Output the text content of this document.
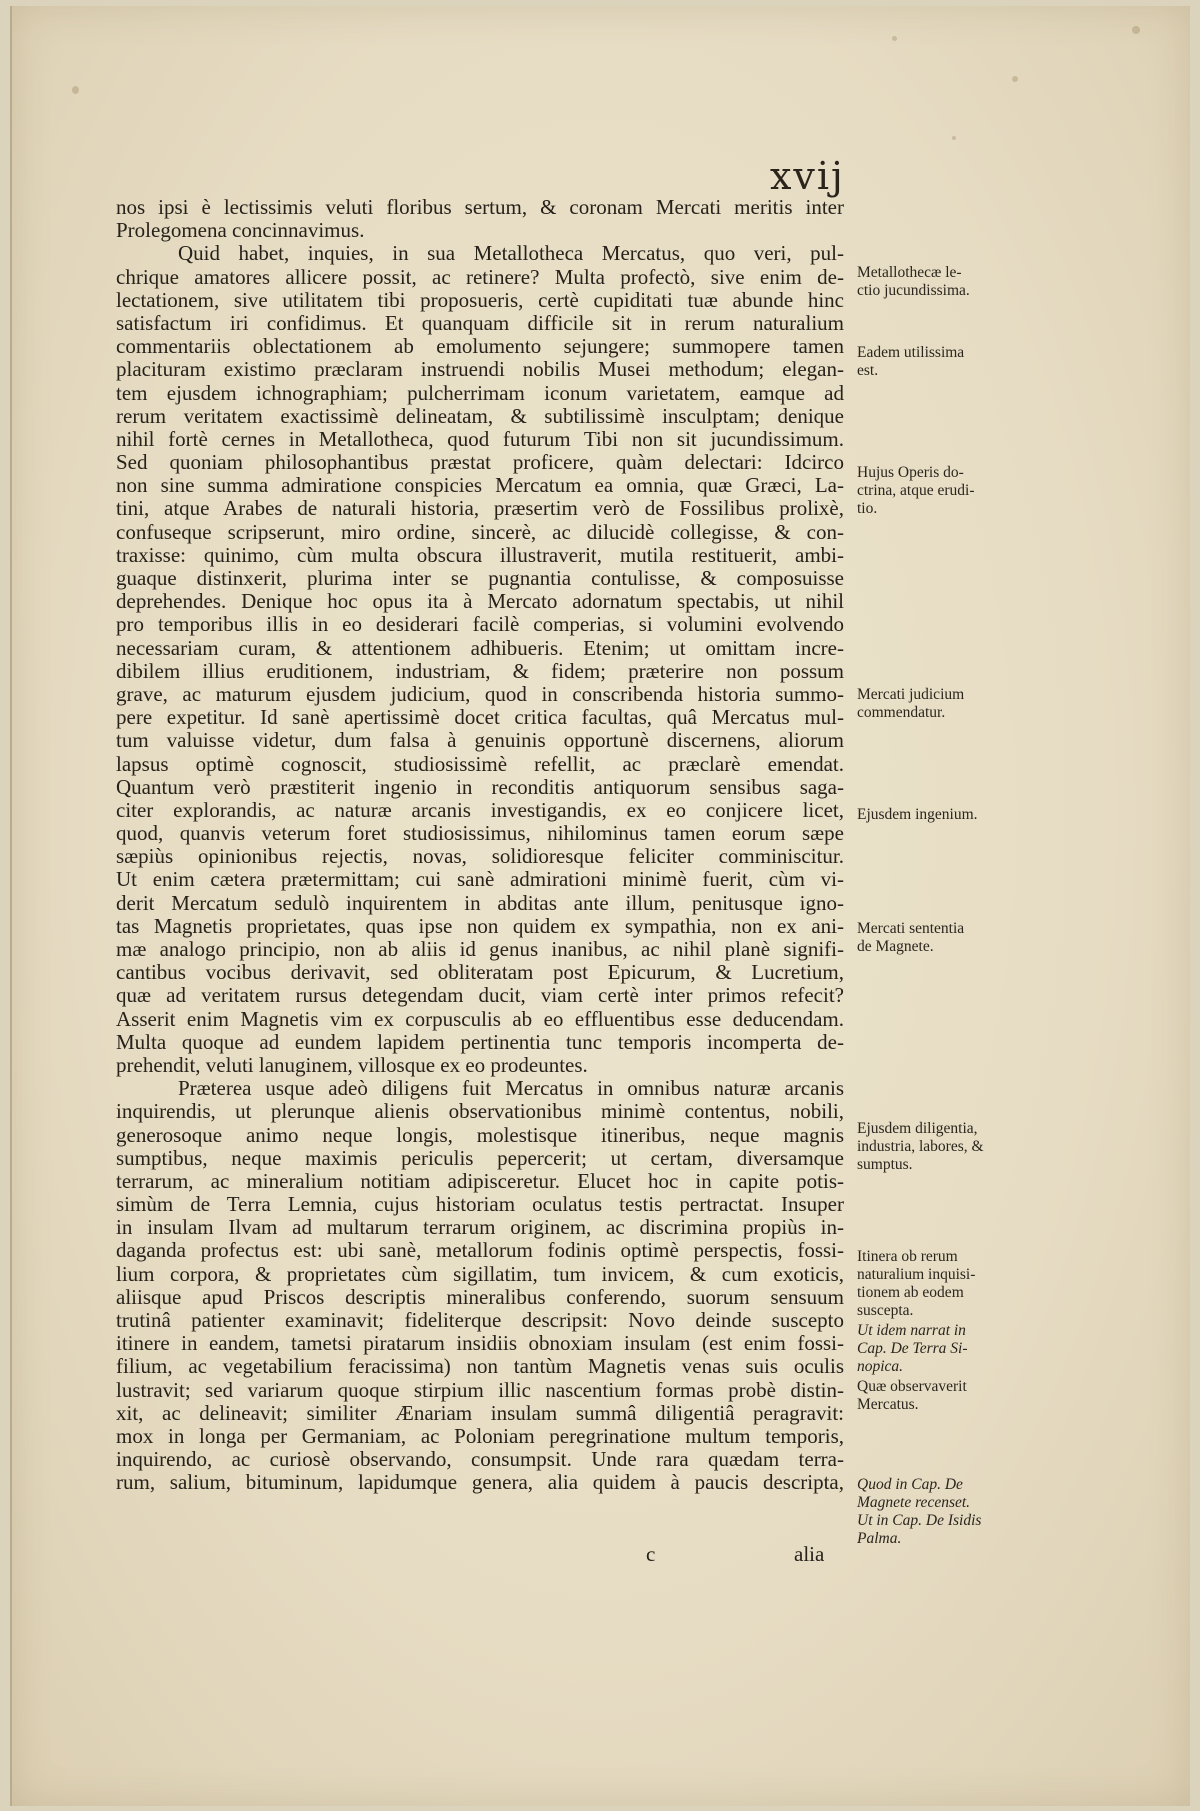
xvij
nos ipsi è lectissimis veluti floribus sertum, & coronam Mercati meritis inter
Prolegomena concinnavimus.
Quid habet, inquies, in sua Metallotheca Mercatus, quo veri, pul-
chrique amatores allicere possit, ac retinere? Multa profectò, sive enim de-
lectationem, sive utilitatem tibi proposueris, certè cupiditati tuæ abunde hinc
satisfactum iri confidimus. Et quanquam difficile sit in rerum naturalium
commentariis oblectationem ab emolumento sejungere; summopere tamen
placituram existimo præclaram instruendi nobilis Musei methodum; elegan-
tem ejusdem ichnographiam; pulcherrimam iconum varietatem, eamque ad
rerum veritatem exactissimè delineatam, & subtilissimè insculptam; denique
nihil fortè cernes in Metallotheca, quod futurum Tibi non sit jucundissimum.
Sed quoniam philosophantibus præstat proficere, quàm delectari: Idcirco
non sine summa admiratione conspicies Mercatum ea omnia, quæ Græci, La-
tini, atque Arabes de naturali historia, præsertim verò de Fossilibus prolixè,
confuseque scripserunt, miro ordine, sincerè, ac dilucidè collegisse, & con-
traxisse: quinimo, cùm multa obscura illustraverit, mutila restituerit, ambi-
guaque distinxerit, plurima inter se pugnantia contulisse, & composuisse
deprehendes. Denique hoc opus ita à Mercato adornatum spectabis, ut nihil
pro temporibus illis in eo desiderari facilè comperias, si volumini evolvendo
necessariam curam, & attentionem adhibueris. Etenim; ut omittam incre-
dibilem illius eruditionem, industriam, & fidem; præterire non possum
grave, ac maturum ejusdem judicium, quod in conscribenda historia summo-
pere expetitur. Id sanè apertissimè docet critica facultas, quâ Mercatus mul-
tum valuisse videtur, dum falsa à genuinis opportunè discernens, aliorum
lapsus optimè cognoscit, studiosissimè refellit, ac præclarè emendat.
Quantum verò præstiterit ingenio in reconditis antiquorum sensibus saga-
citer explorandis, ac naturæ arcanis investigandis, ex eo conjicere licet,
quod, quanvis veterum foret studiosissimus, nihilominus tamen eorum sæpe
sæpiùs opinionibus rejectis, novas, solidioresque feliciter comminiscitur.
Ut enim cætera prætermittam; cui sanè admirationi minimè fuerit, cùm vi-
derit Mercatum sedulò inquirentem in abditas ante illum, penitusque igno-
tas Magnetis proprietates, quas ipse non quidem ex sympathia, non ex ani-
mæ analogo principio, non ab aliis id genus inanibus, ac nihil planè signifi-
cantibus vocibus derivavit, sed obliteratam post Epicurum, & Lucretium,
quæ ad veritatem rursus detegendam ducit, viam certè inter primos refecit?
Asserit enim Magnetis vim ex corpusculis ab eo effluentibus esse deducendam.
Multa quoque ad eundem lapidem pertinentia tunc temporis incomperta de-
prehendit, veluti lanuginem, villosque ex eo prodeuntes.
Præterea usque adeò diligens fuit Mercatus in omnibus naturæ arcanis
inquirendis, ut plerunque alienis observationibus minimè contentus, nobili,
generosoque animo neque longis, molestisque itineribus, neque magnis
sumptibus, neque maximis periculis pepercerit; ut certam, diversamque
terrarum, ac mineralium notitiam adipisceretur. Elucet hoc in capite potis-
simùm de Terra Lemnia, cujus historiam oculatus testis pertractat. Insuper
in insulam Ilvam ad multarum terrarum originem, ac discrimina propiùs in-
daganda profectus est: ubi sanè, metallorum fodinis optimè perspectis, fossi-
lium corpora, & proprietates cùm sigillatim, tum invicem, & cum exoticis,
aliisque apud Priscos descriptis mineralibus conferendo, suorum sensuum
trutinâ patienter examinavit; fideliterque descripsit: Novo deinde suscepto
itinere in eandem, tametsi piratarum insidiis obnoxiam insulam (est enim fossi-
filium, ac vegetabilium feracissima) non tantùm Magnetis venas suis oculis
lustravit; sed variarum quoque stirpium illic nascentium formas probè distin-
xit, ac delineavit; similiter Ænariam insulam summâ diligentiâ peragravit:
mox in longa per Germaniam, ac Poloniam peregrinatione multum temporis,
inquirendo, ac curiosè observando, consumpsit. Unde rara quædam terra-
rum, salium, bituminum, lapidumque genera, alia quidem à paucis descripta,
Metallothecæ le-
ctio jucundissima.
Eadem utilissima
est.
Hujus Operis do-
ctrina, atque erudi-
tio.
Mercati judicium
commendatur.
Ejusdem ingenium.
Mercati sententia
de Magnete.
Ejusdem diligentia,
industria, labores, &
sumptus.
Itinera ob rerum
naturalium inquisi-
tionem ab eodem
suscepta.
Ut idem narrat in
Cap. De Terra Si-
nopica.
Quæ observaverit
Mercatus.
Quod in Cap. De
Magnete recenset.
Ut in Cap. De Isidis
Palma.
c	alia
